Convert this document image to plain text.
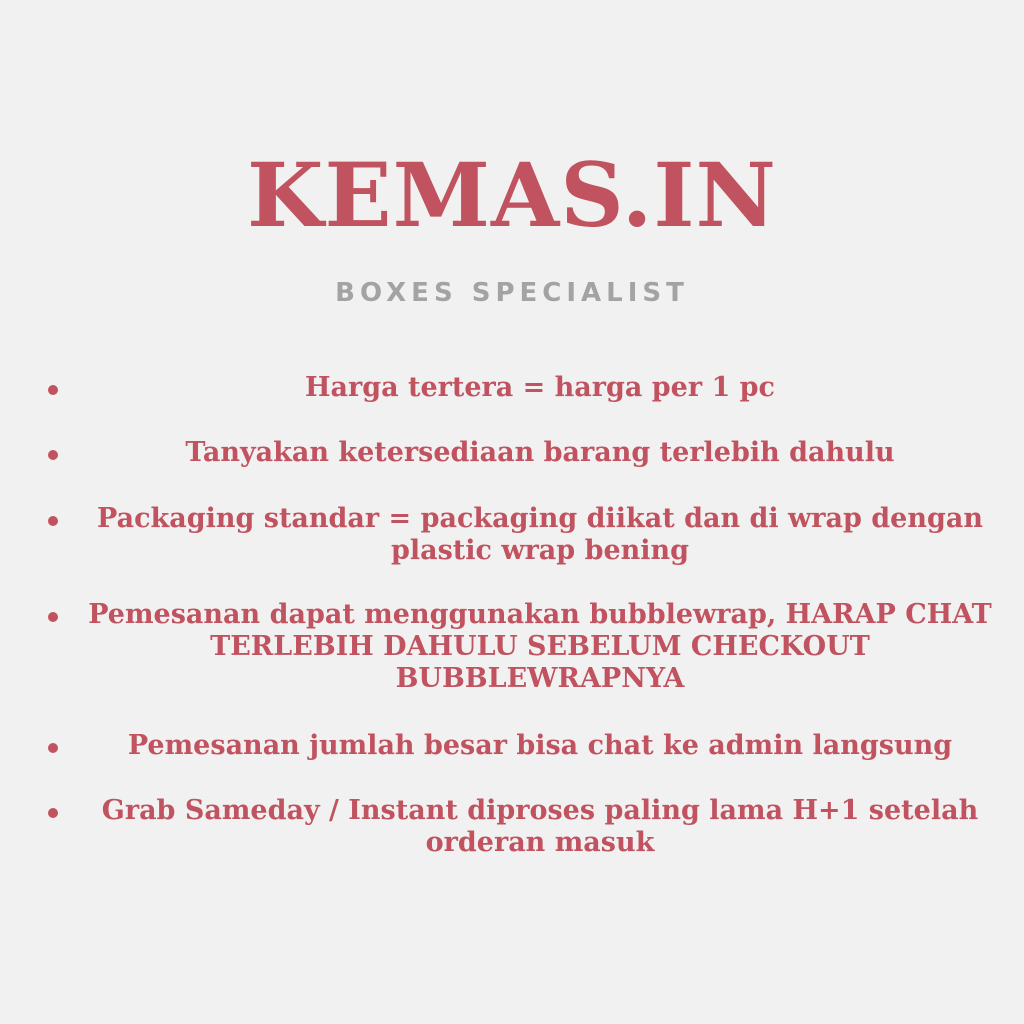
KEMAS.IN

BOXES SPECIALIST

Harga tertera = harga per 1 pc
Tanyakan ketersediaan barang terlebih dahulu
Packaging standar = packaging diikat dan di wrap dengan plastic wrap bening
Pemesanan dapat menggunakan bubblewrap, HARAP CHAT TERLEBIH DAHULU SEBELUM CHECKOUT BUBBLEWRAPNYA
Pemesanan jumlah besar bisa chat ke admin langsung
Grab Sameday / Instant diproses paling lama H+1 setelah orderan masuk
